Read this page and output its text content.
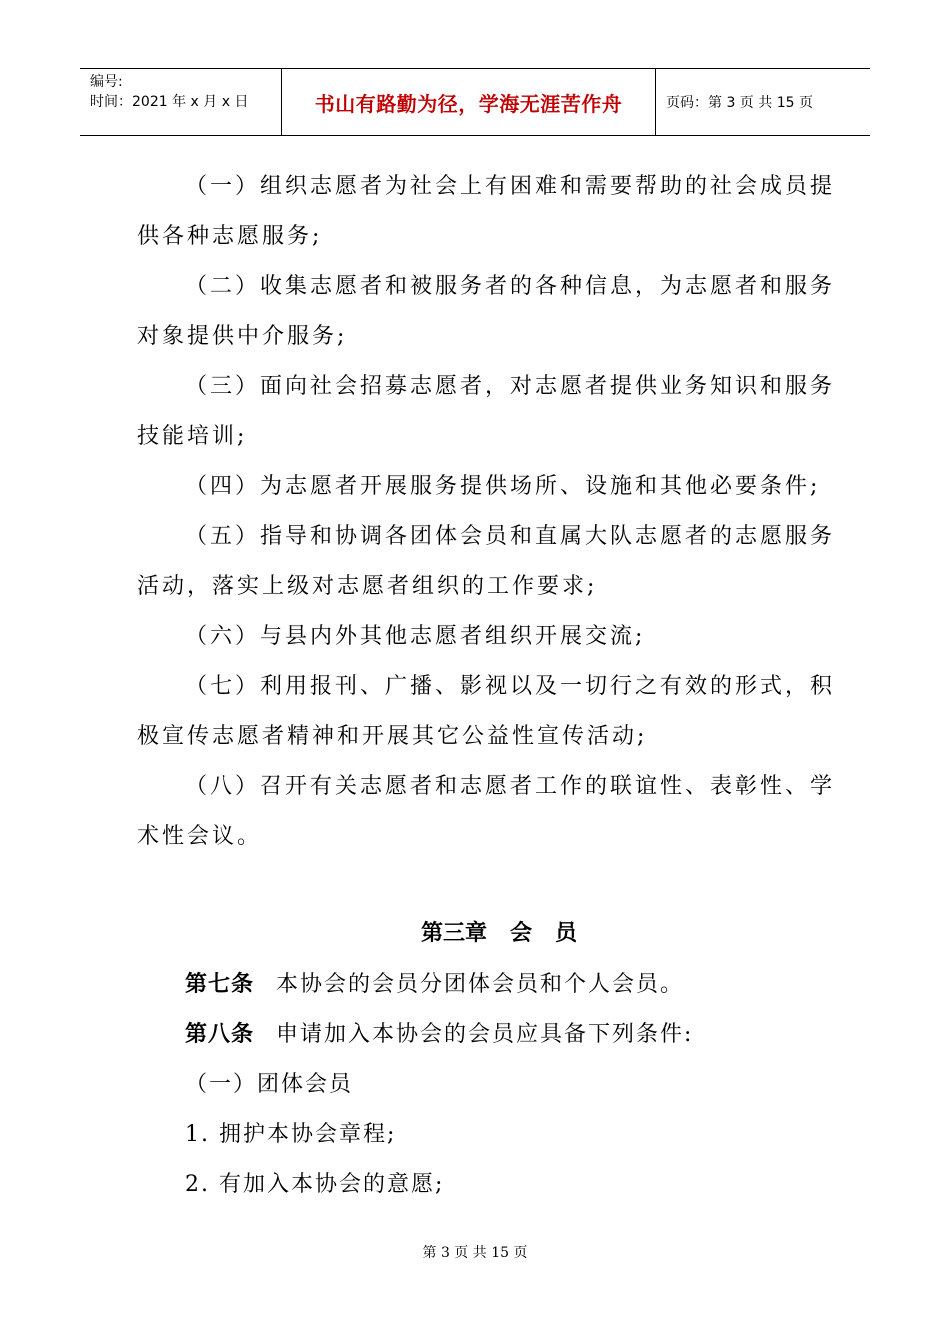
编号:
时间：2021 年 x 月 x 日	书山有路勤为径，学海无涯苦作舟	页码：第 3 页 共 15 页
（一）组织志愿者为社会上有困难和需要帮助的社会成员提
供各种志愿服务;
（二）收集志愿者和被服务者的各种信息，为志愿者和服务
对象提供中介服务;
（三）面向社会招募志愿者，对志愿者提供业务知识和服务
技能培训;
（四）为志愿者开展服务提供场所、设施和其他必要条件;
（五）指导和协调各团体会员和直属大队志愿者的志愿服务
活动，落实上级对志愿者组织的工作要求;
（六）与县内外其他志愿者组织开展交流;
（七）利用报刊、广播、影视以及一切行之有效的形式，积
极宣传志愿者精神和开展其它公益性宣传活动;
（八）召开有关志愿者和志愿者工作的联谊性、表彰性、学
术性会议。
第三章   会   员
第七条 本协会的会员分团体会员和个人会员。
第八条 申请加入本协会的会员应具备下列条件:
（一）团体会员
1. 拥护本协会章程;
2. 有加入本协会的意愿;
第 3 页 共 15 页
